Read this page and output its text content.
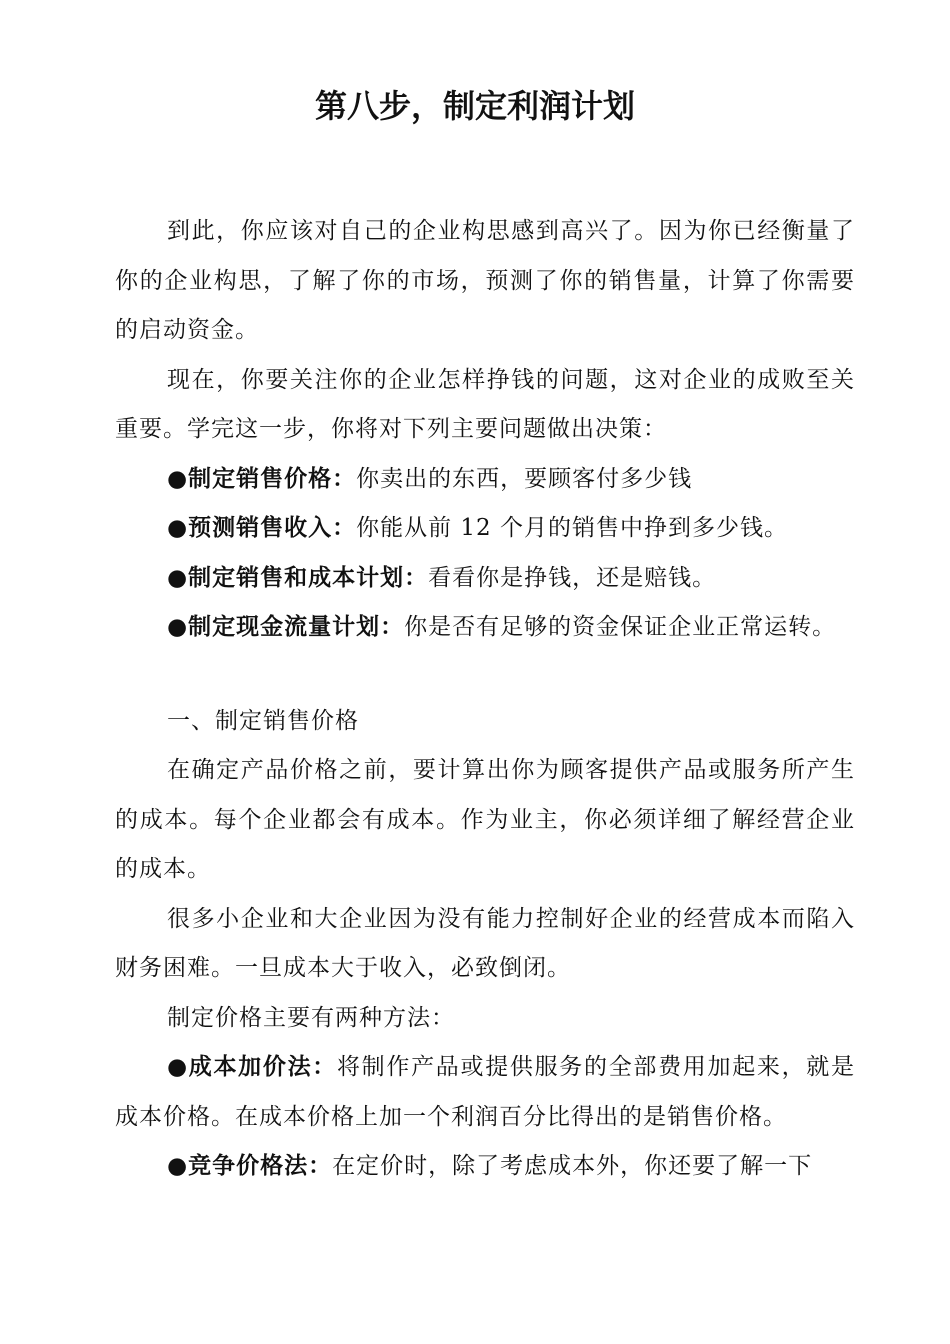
第八步，制定利润计划

到此，你应该对自己的企业构思感到高兴了。因为你已经衡量了你的企业构思，了解了你的市场，预测了你的销售量，计算了你需要的启动资金。

现在，你要关注你的企业怎样挣钱的问题，这对企业的成败至关重要。学完这一步，你将对下列主要问题做出决策：

●制定销售价格：你卖出的东西，要顾客付多少钱

●预测销售收入：你能从前 12 个月的销售中挣到多少钱。

●制定销售和成本计划：看看你是挣钱，还是赔钱。

●制定现金流量计划：你是否有足够的资金保证企业正常运转。

一、制定销售价格

在确定产品价格之前，要计算出你为顾客提供产品或服务所产生的成本。每个企业都会有成本。作为业主，你必须详细了解经营企业的成本。

很多小企业和大企业因为没有能力控制好企业的经营成本而陷入财务困难。一旦成本大于收入，必致倒闭。

制定价格主要有两种方法：

●成本加价法：将制作产品或提供服务的全部费用加起来，就是成本价格。在成本价格上加一个利润百分比得出的是销售价格。

●竞争价格法：在定价时，除了考虑成本外，你还要了解一下
